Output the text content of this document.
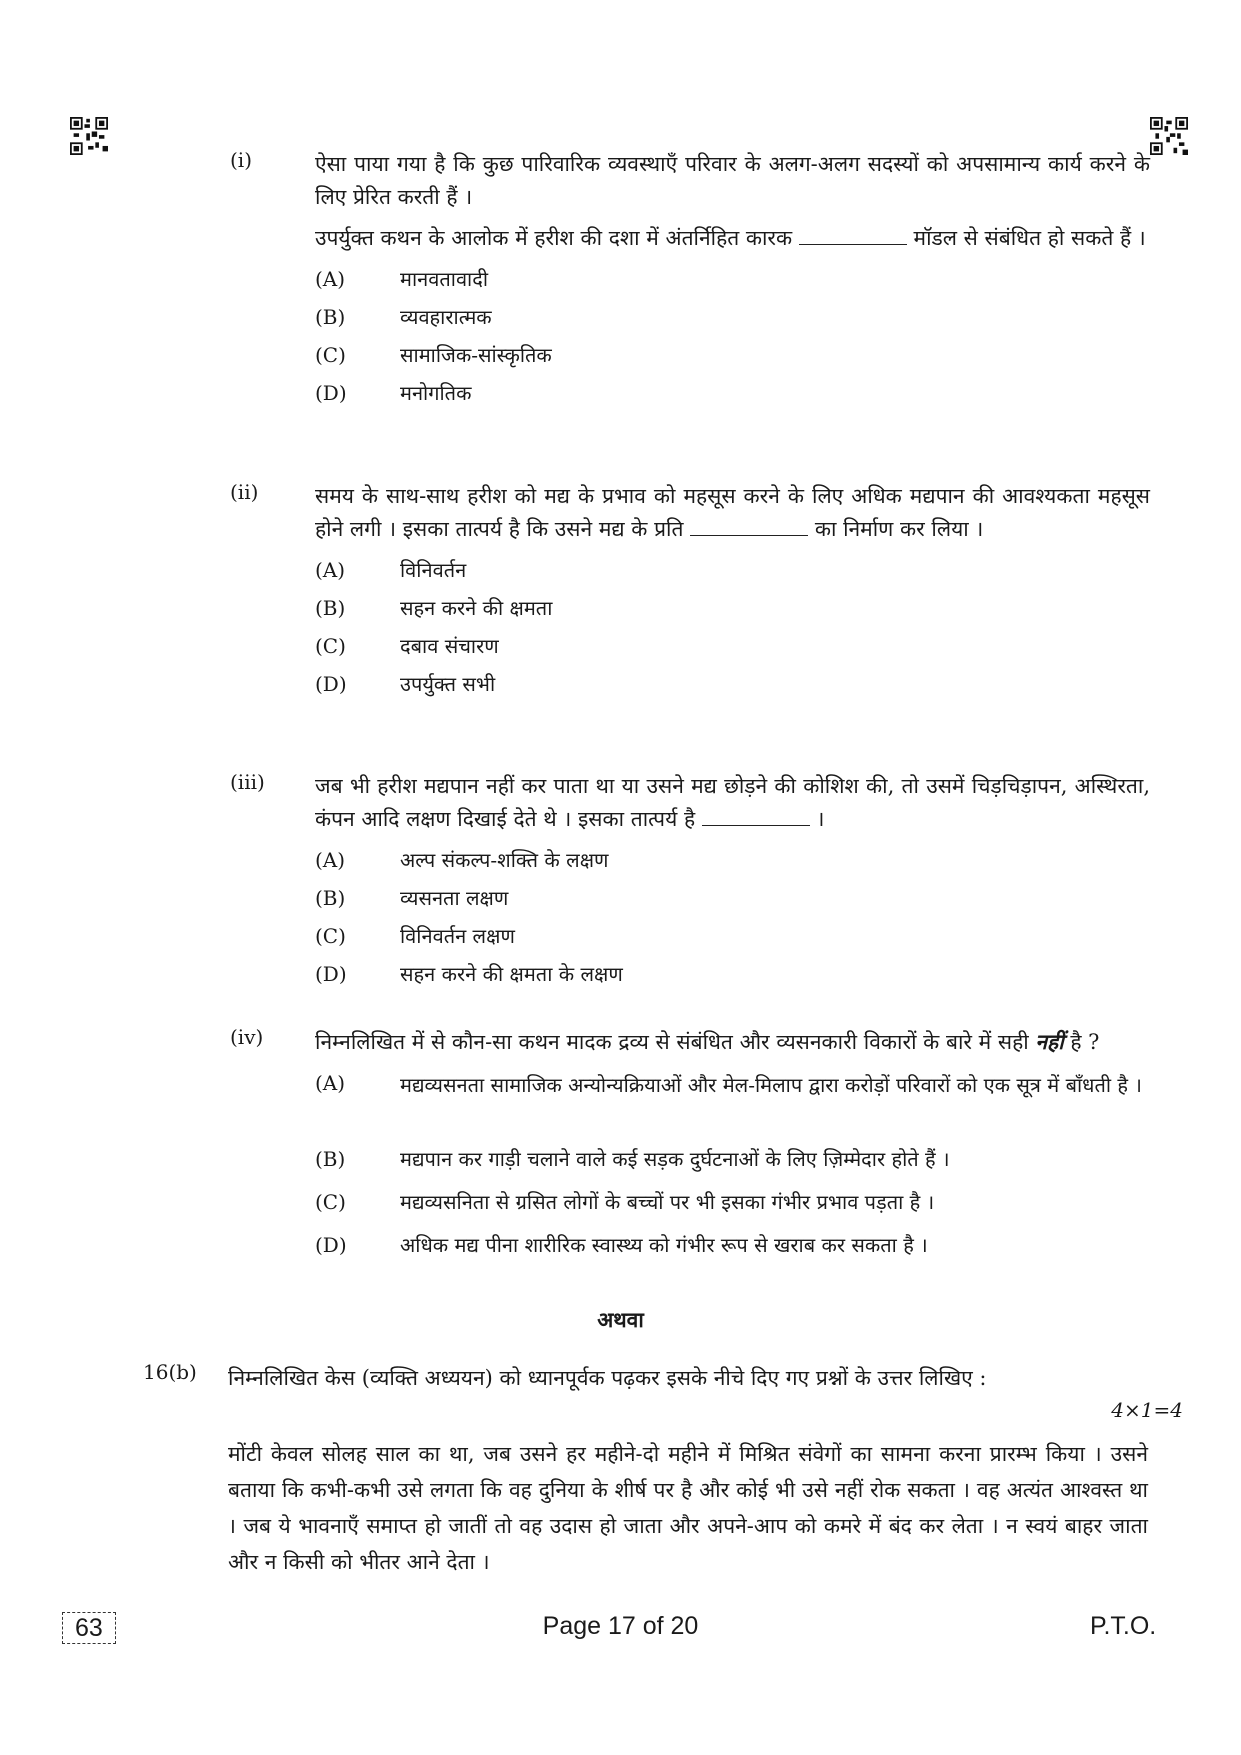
(i)	ऐसा पाया गया है कि कुछ पारिवारिक व्यवस्थाएँ परिवार के अलग-अलग सदस्यों को अपसामान्य कार्य करने के लिए प्रेरित करती हैं ।

उपर्युक्त कथन के आलोक में हरीश की दशा में अंतर्निहित कारक	मॉडल से संबंधित हो सकते हैं ।

(A)	मानवतावादी
(B)	व्यवहारात्मक
(C)	सामाजिक-सांस्कृतिक
(D)	मनोगतिक
(ii)	समय के साथ-साथ हरीश को मद्य के प्रभाव को महसूस करने के लिए अधिक मद्यपान की आवश्यकता महसूस होने लगी । इसका तात्पर्य है कि उसने मद्य के प्रति	का निर्माण कर लिया ।

(A)	विनिवर्तन
(B)	सहन करने की क्षमता
(C)	दबाव संचारण
(D)	उपर्युक्त सभी
(iii) जब भी हरीश मद्यपान नहीं कर पाता था या उसने मद्य छोड़ने की कोशिश की, तो उसमें चिड़चिड़ापन, अस्थिरता, कंपन आदि लक्षण दिखाई देते थे । इसका तात्पर्य है	।

(A)	अल्प संकल्प-शक्ति के लक्षण
(B)	व्यसनता लक्षण
(C)	विनिवर्तन लक्षण
(D)	सहन करने की क्षमता के लक्षण
(iv) निम्नलिखित में से कौन-सा कथन मादक द्रव्य से संबंधित और व्यसनकारी विकारों के बारे में सही नहीं है ?

(A)	मद्यव्यसनता सामाजिक अन्योन्यक्रियाओं और मेल-मिलाप द्वारा करोड़ों परिवारों को एक सूत्र में बाँधती है ।
(B)	मद्यपान कर गाड़ी चलाने वाले कई सड़क दुर्घटनाओं के लिए ज़िम्मेदार होते हैं ।
(C)	मद्यव्यसनिता से ग्रसित लोगों के बच्चों पर भी इसका गंभीर प्रभाव पड़ता है ।
(D)	अधिक मद्य पीना शारीरिक स्वास्थ्य को गंभीर रूप से खराब कर सकता है ।
अथवा
16(b) निम्नलिखित केस (व्यक्ति अध्ययन) को ध्यानपूर्वक पढ़कर इसके नीचे दिए गए प्रश्नों के उत्तर लिखिए :
4×1=4
मोंटी केवल सोलह साल का था, जब उसने हर महीने-दो महीने में मिश्रित संवेगों का सामना करना प्रारम्भ किया । उसने बताया कि कभी-कभी उसे लगता कि वह दुनिया के शीर्ष पर है और कोई भी उसे नहीं रोक सकता । वह अत्यंत आश्वस्त था । जब ये भावनाएँ समाप्त हो जातीं तो वह उदास हो जाता और अपने-आप को कमरे में बंद कर लेता । न स्वयं बाहर जाता और न किसी को भीतर आने देता ।
63	Page 17 of 20	P.T.O.
